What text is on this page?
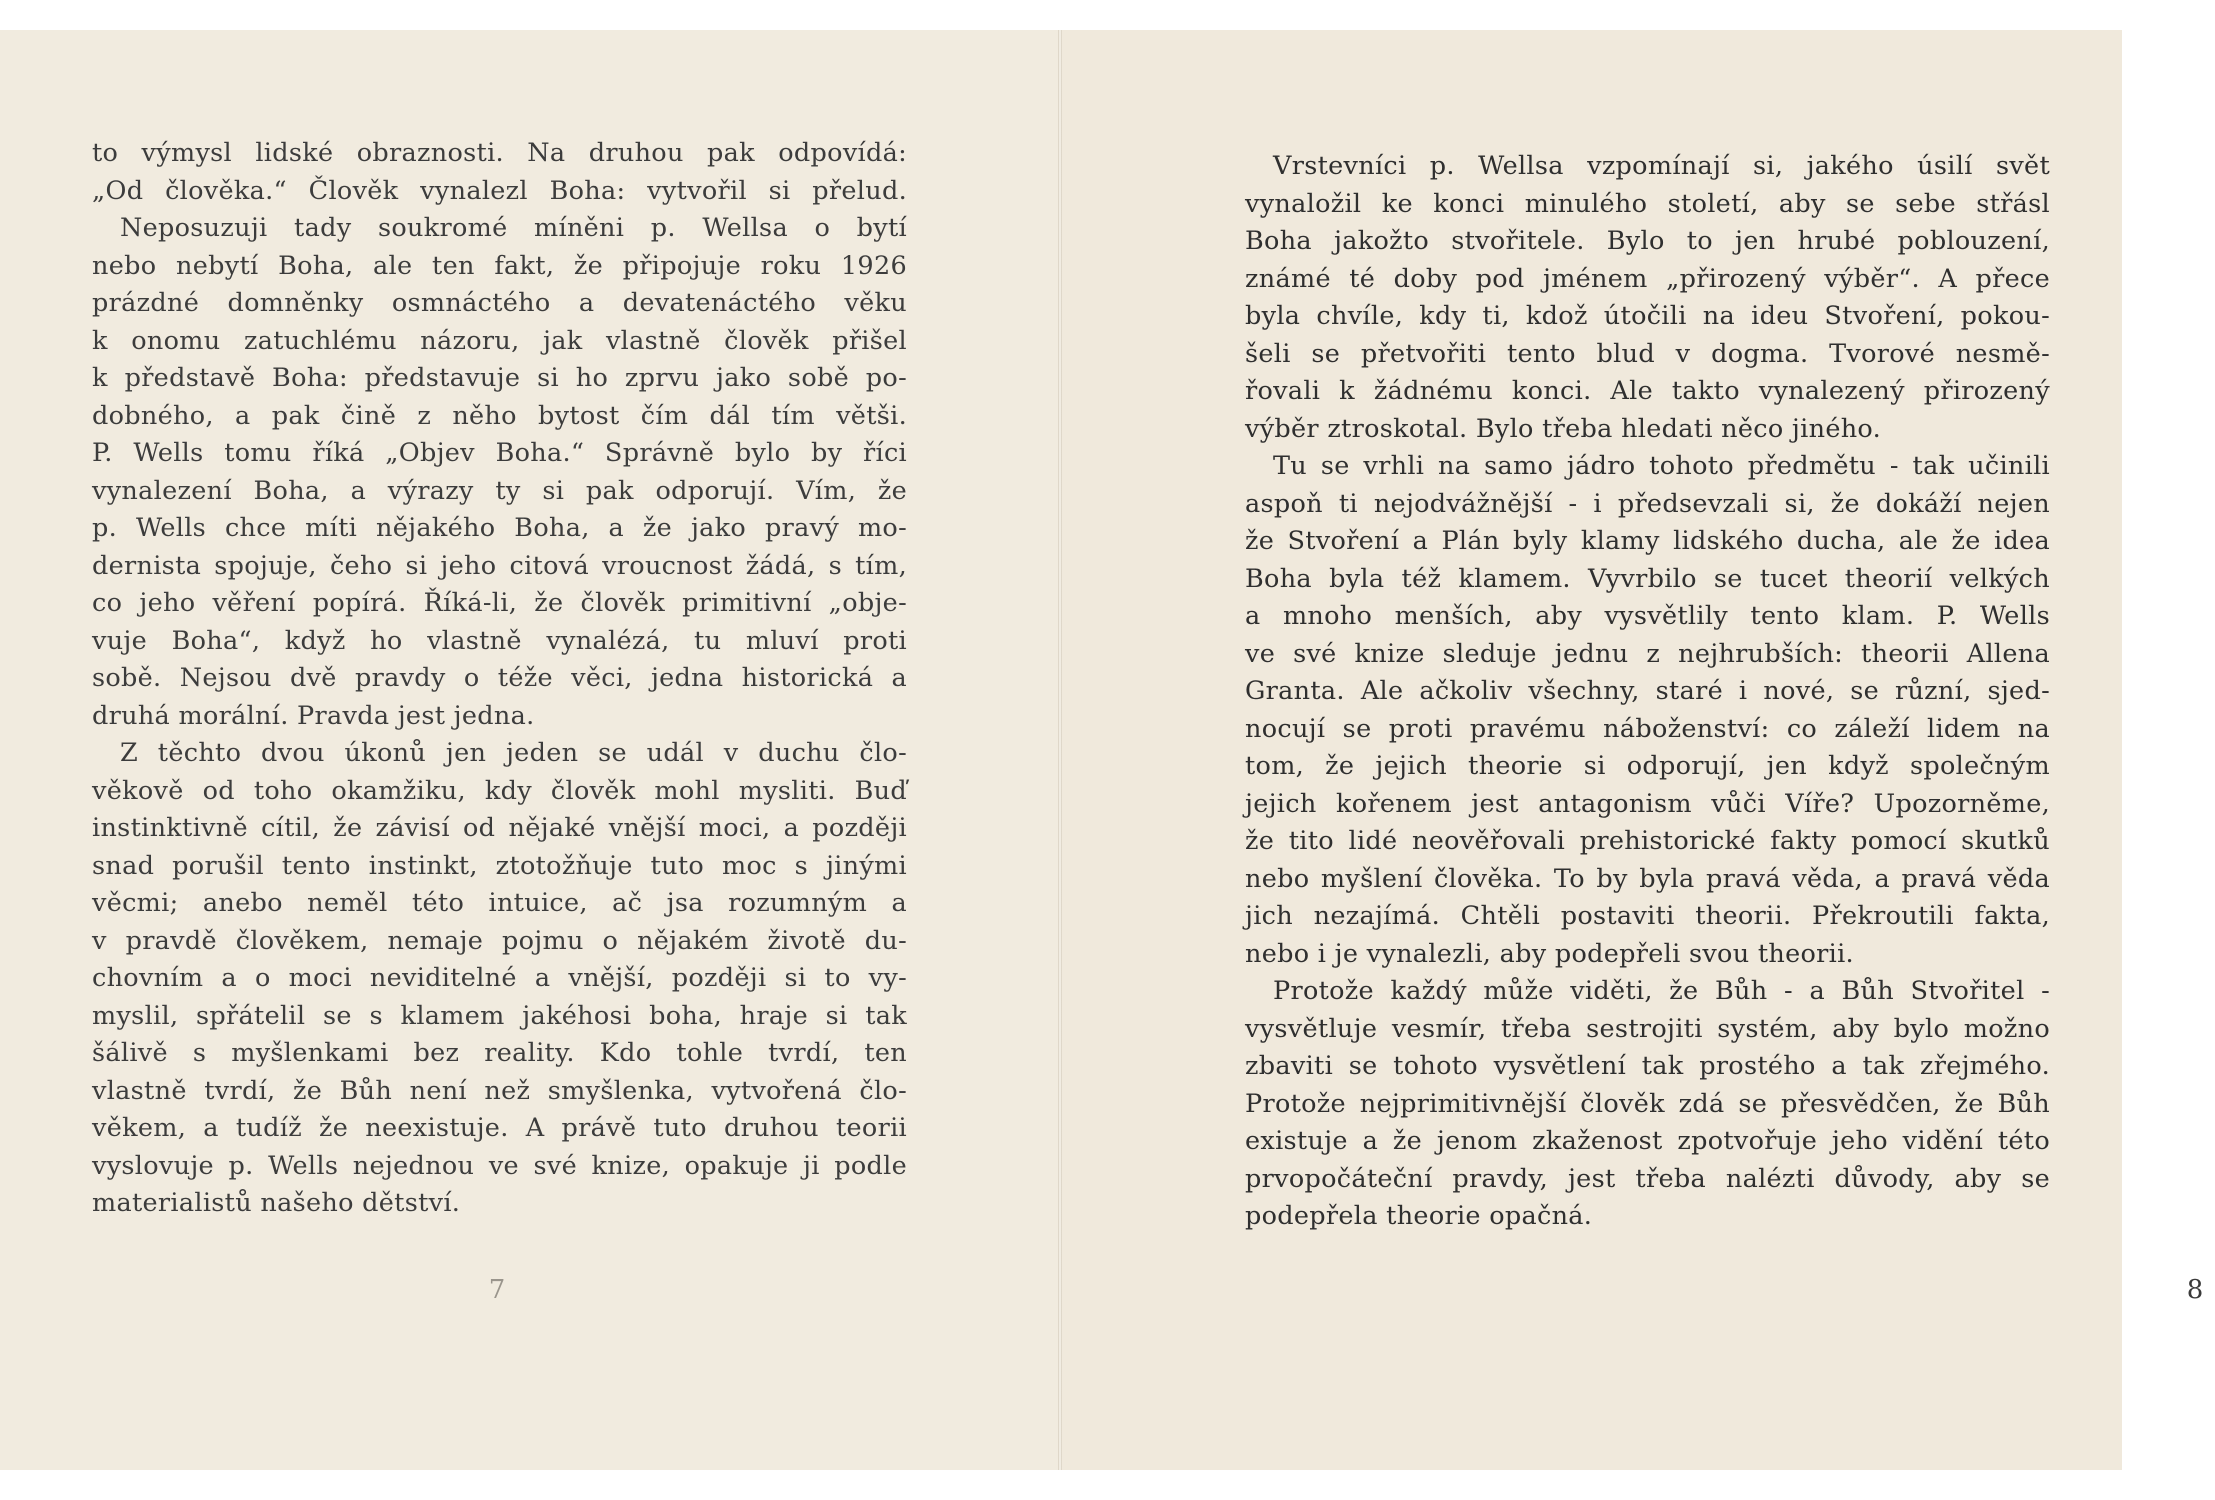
to výmysl lidské obraznosti. Na druhou pak odpovídá:

„Od člověka.“ Člověk vynalezl Boha: vytvořil si přelud.

Neposuzuji tady soukromé míněni p. Wellsa o bytí

nebo nebytí Boha, ale ten fakt, že připojuje roku 1926

prázdné domněnky osmnáctého a devatenáctého věku

k onomu zatuchlému názoru, jak vlastně člověk přišel

k představě Boha: představuje si ho zprvu jako sobě po-

dobného, a pak čině z něho bytost čím dál tím větši.

P. Wells tomu říká „Objev Boha.“ Správně bylo by říci

vynalezení Boha, a výrazy ty si pak odporují. Vím, že

p. Wells chce míti nějakého Boha, a že jako pravý mo-

dernista spojuje, čeho si jeho citová vroucnost žádá, s tím,

co jeho věření popírá. Říká-li, že člověk primitivní „obje-

vuje Boha“, když ho vlastně vynalézá, tu mluví proti

sobě. Nejsou dvě pravdy o téže věci, jedna historická a

druhá morální. Pravda jest jedna.

Z těchto dvou úkonů jen jeden se udál v duchu člo-

věkově od toho okamžiku, kdy člověk mohl mysliti. Buď

instinktivně cítil, že závisí od nějaké vnější moci, a později

snad porušil tento instinkt, ztotožňuje tuto moc s jinými

věcmi; anebo neměl této intuice, ač jsa rozumným a

v pravdě člověkem, nemaje pojmu o nějakém životě du-

chovním a o moci neviditelné a vnější, později si to vy-

myslil, spřátelil se s klamem jakéhosi boha, hraje si tak

šálivě s myšlenkami bez reality. Kdo tohle tvrdí, ten

vlastně tvrdí, že Bůh není než smyšlenka, vytvořená člo-

věkem, a tudíž že neexistuje. A právě tuto druhou teorii

vyslovuje p. Wells nejednou ve své knize, opakuje ji podle

materialistů našeho dětství.

7

Vrstevníci p. Wellsa vzpomínají si, jakého úsilí svět

vynaložil ke konci minulého století, aby se sebe střásl

Boha jakožto stvořitele. Bylo to jen hrubé poblouzení,

známé té doby pod jménem „přirozený výběr“. A přece

byla chvíle, kdy ti, kdož útočili na ideu Stvoření, pokou-

šeli se přetvořiti tento blud v dogma. Tvorové nesmě-

řovali k žádnému konci. Ale takto vynalezený přirozený

výběr ztroskotal. Bylo třeba hledati něco jiného.

Tu se vrhli na samo jádro tohoto předmětu - tak učinili

aspoň ti nejodvážnější - i předsevzali si, že dokáží nejen

že Stvoření a Plán byly klamy lidského ducha, ale že idea

Boha byla též klamem. Vyvrbilo se tucet theorií velkých

a mnoho menších, aby vysvětlily tento klam. P. Wells

ve své knize sleduje jednu z nejhrubších: theorii Allena

Granta. Ale ačkoliv všechny, staré i nové, se různí, sjed-

nocují se proti pravému náboženství: co záleží lidem na

tom, že jejich theorie si odporují, jen když společným

jejich kořenem jest antagonism vůči Víře? Upozorněme,

že tito lidé neověřovali prehistorické fakty pomocí skutků

nebo myšlení člověka. To by byla pravá věda, a pravá věda

jich nezajímá. Chtěli postaviti theorii. Překroutili fakta,

nebo i je vynalezli, aby podepřeli svou theorii.

Protože každý může viděti, že Bůh - a Bůh Stvořitel -

vysvětluje vesmír, třeba sestrojiti systém, aby bylo možno

zbaviti se tohoto vysvětlení tak prostého a tak zřejmého.

Protože nejprimitivnější člověk zdá se přesvědčen, že Bůh

existuje a že jenom zkaženost zpotvořuje jeho vidění této

prvopočáteční pravdy, jest třeba nalézti důvody, aby se

podepřela theorie opačná.

8
